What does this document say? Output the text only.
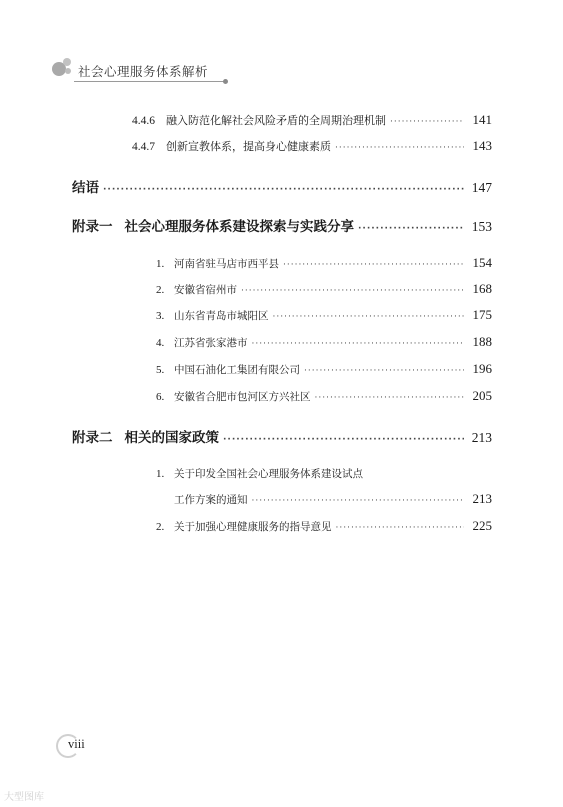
社会心理服务体系解析
4.4.6	融入防范化解社会风险矛盾的全周期治理机制 ·····	141
4.4.7	创新宣教体系，提高身心健康素质 ·····	143
结语 ·····	147
附录一 社会心理服务体系建设探索与实践分享 ·····	153
1. 河南省驻马店市西平县 ·····	154
2. 安徽省宿州市 ·····	168
3. 山东省青岛市城阳区 ·····	175
4. 江苏省张家港市 ·····	188
5. 中国石油化工集团有限公司 ·····	196
6. 安徽省合肥市包河区方兴社区 ·····	205
附录二 相关的国家政策 ·····	213
1. 关于印发全国社会心理服务体系建设试点
工作方案的通知 ·····	213
2. 关于加强心理健康服务的指导意见 ·····	225
viii
大型图库
